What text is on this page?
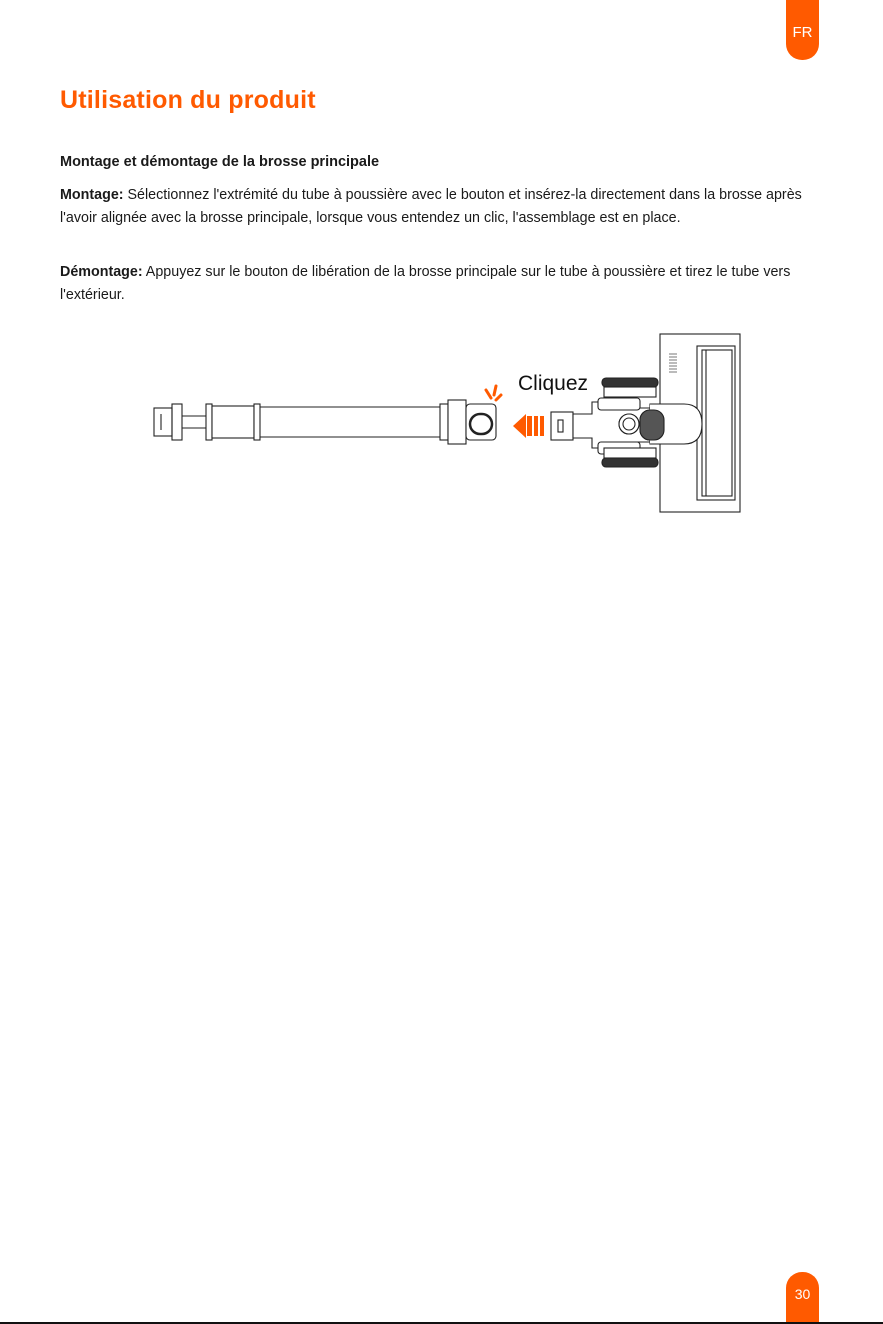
FR
Utilisation du produit
Montage et démontage de la brosse principale

Montage: Sélectionnez l'extrémité du tube à poussière avec le bouton et insérez-la directement dans la brosse après l'avoir alignée avec la brosse principale, lorsque vous entendez un clic, l'assemblage est en place.

Démontage: Appuyez sur le bouton de libération de la brosse principale sur le tube à poussière et tirez le tube vers l'extérieur.

Cliquez
30
